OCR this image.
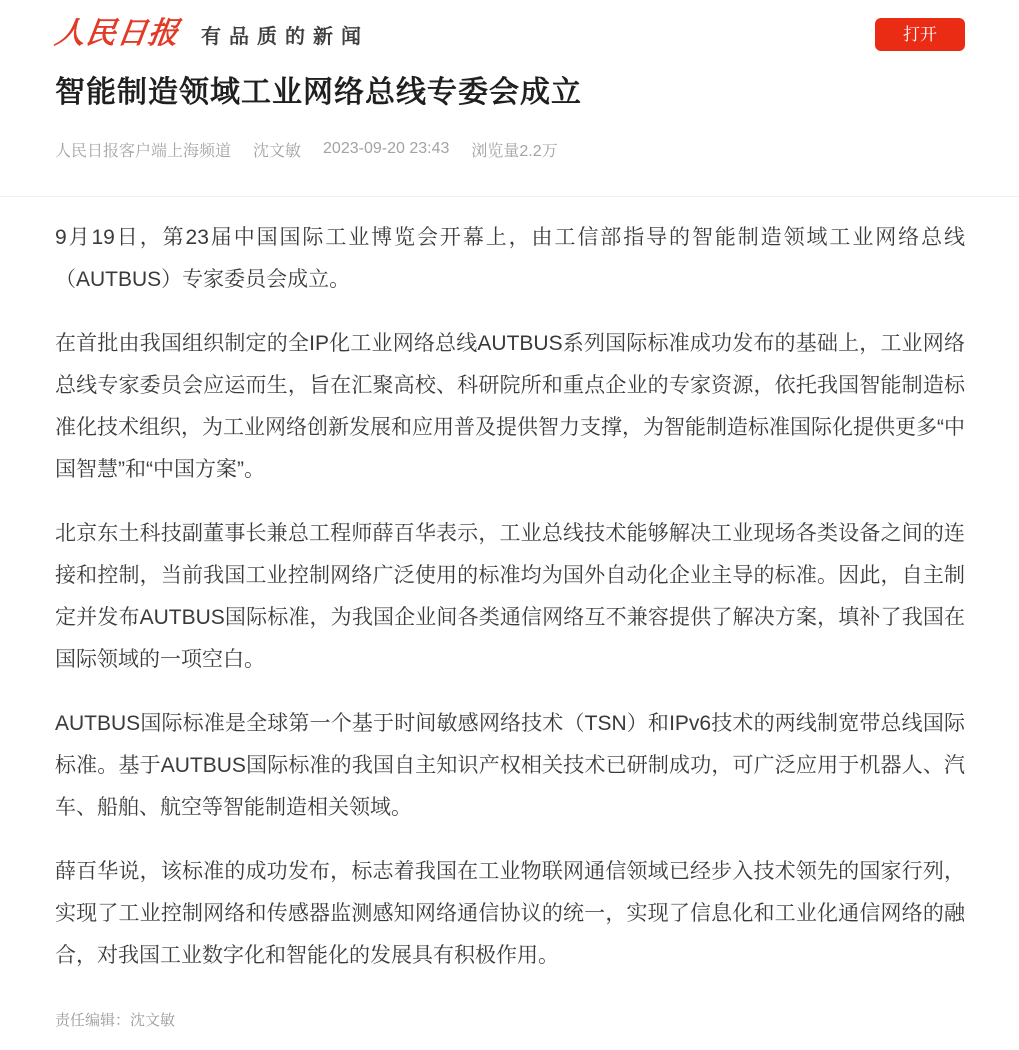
人民日报 有品质的新闻	打开
智能制造领域工业网络总线专委会成立
人民日报客户端上海频道 沈文敏 2023-09-20 23:43 浏览量2.2万

9月19日，第23届中国国际工业博览会开幕上，由工信部指导的智能制造领域工业网络总线（AUTBUS）专家委员会成立。

在首批由我国组织制定的全IP化工业网络总线AUTBUS系列国际标准成功发布的基础上，工业网络总线专家委员会应运而生，旨在汇聚高校、科研院所和重点企业的专家资源，依托我国智能制造标准化技术组织，为工业网络创新发展和应用普及提供智力支撑，为智能制造标准国际化提供更多“中国智慧”和“中国方案”。

北京东土科技副董事长兼总工程师薛百华表示，工业总线技术能够解决工业现场各类设备之间的连接和控制，当前我国工业控制网络广泛使用的标准均为国外自动化企业主导的标准。因此，自主制定并发布AUTBUS国际标准，为我国企业间各类通信网络互不兼容提供了解决方案，填补了我国在国际领域的一项空白。

AUTBUS国际标准是全球第一个基于时间敏感网络技术（TSN）和IPv6技术的两线制宽带总线国际标准。基于AUTBUS国际标准的我国自主知识产权相关技术已研制成功，可广泛应用于机器人、汽车、船舶、航空等智能制造相关领域。

薛百华说，该标准的成功发布，标志着我国在工业物联网通信领域已经步入技术领先的国家行列，实现了工业控制网络和传感器监测感知网络通信协议的统一，实现了信息化和工业化通信网络的融合，对我国工业数字化和智能化的发展具有积极作用。

责任编辑：沈文敏
